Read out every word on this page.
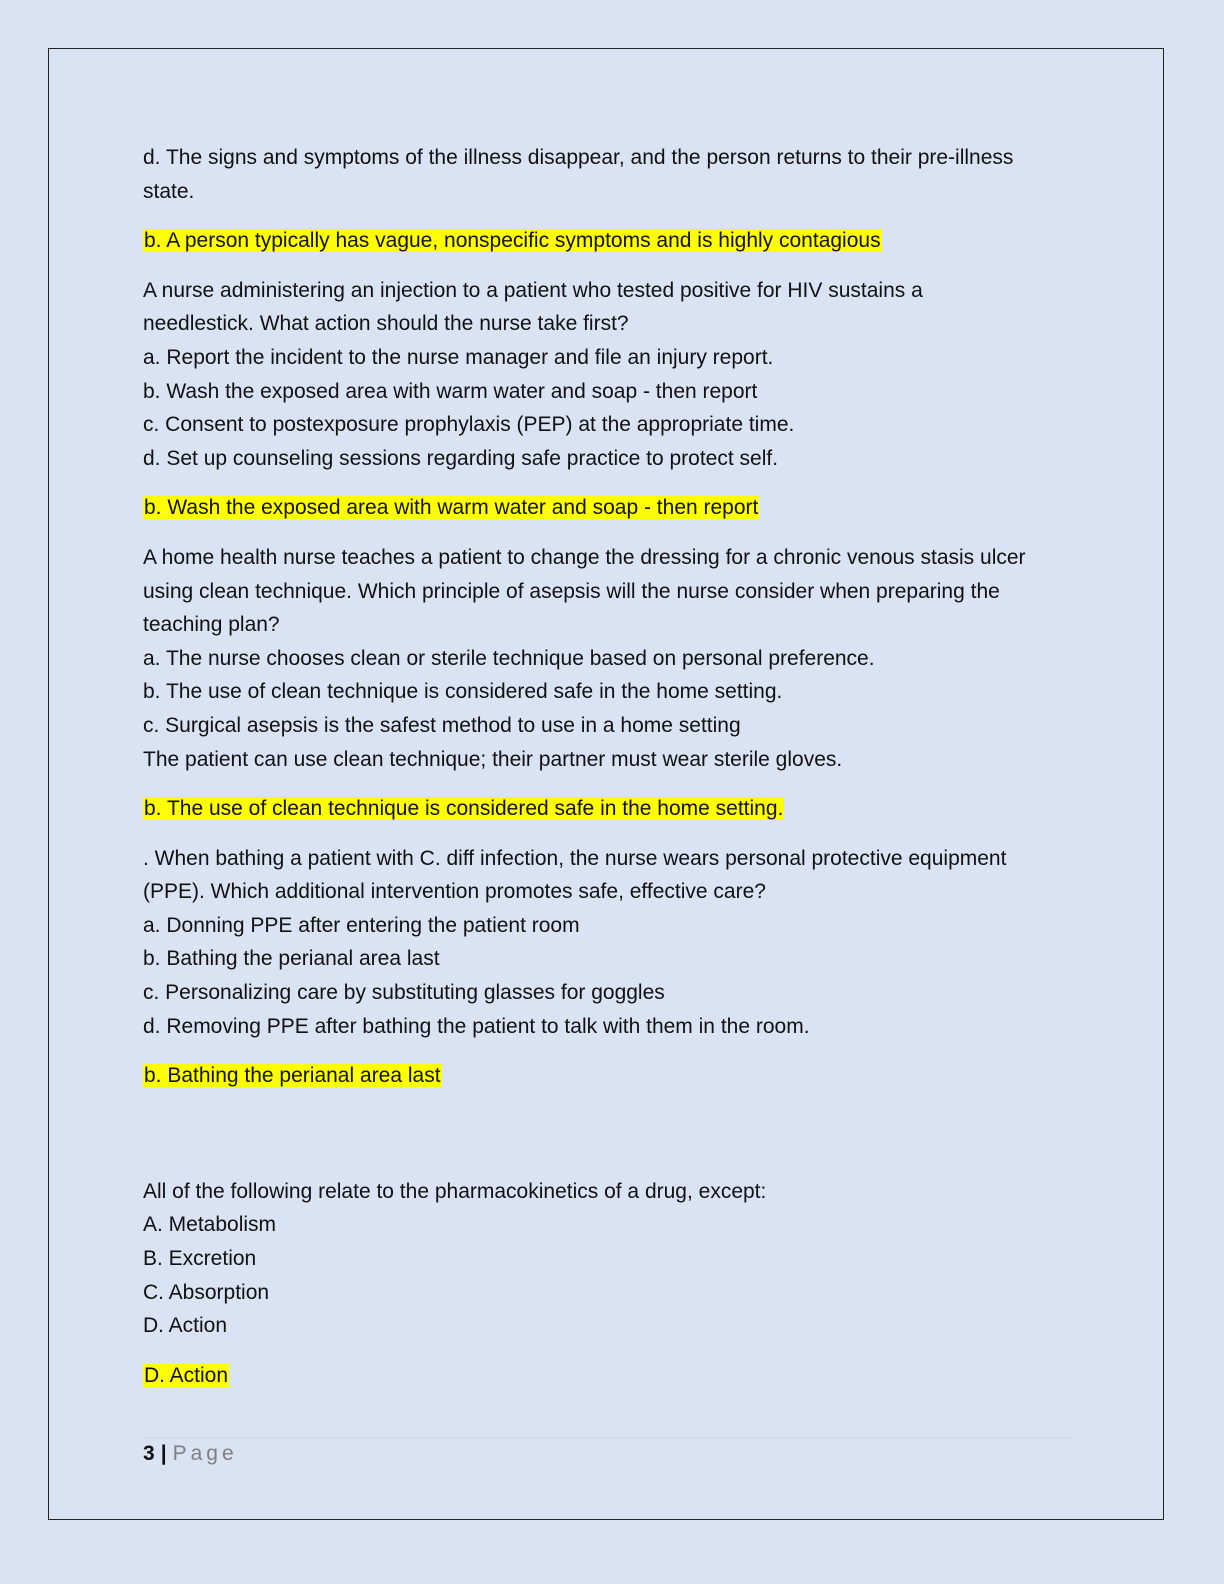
d. The signs and symptoms of the illness disappear, and the person returns to their pre-illness
state.

b. A person typically has vague, nonspecific symptoms and is highly contagious

A nurse administering an injection to a patient who tested positive for HIV sustains a
needlestick. What action should the nurse take first?
a. Report the incident to the nurse manager and file an injury report.
b. Wash the exposed area with warm water and soap - then report
c. Consent to postexposure prophylaxis (PEP) at the appropriate time.
d. Set up counseling sessions regarding safe practice to protect self.

b. Wash the exposed area with warm water and soap - then report

A home health nurse teaches a patient to change the dressing for a chronic venous stasis ulcer
using clean technique. Which principle of asepsis will the nurse consider when preparing the
teaching plan?
a. The nurse chooses clean or sterile technique based on personal preference.
b. The use of clean technique is considered safe in the home setting.
c. Surgical asepsis is the safest method to use in a home setting
The patient can use clean technique; their partner must wear sterile gloves.

b. The use of clean technique is considered safe in the home setting.

. When bathing a patient with C. diff infection, the nurse wears personal protective equipment
(PPE). Which additional intervention promotes safe, effective care?
a. Donning PPE after entering the patient room
b. Bathing the perianal area last
c. Personalizing care by substituting glasses for goggles
d. Removing PPE after bathing the patient to talk with them in the room.

b. Bathing the perianal area last

All of the following relate to the pharmacokinetics of a drug, except:
A. Metabolism
B. Excretion
C. Absorption
D. Action

D. Action

3 | Page
